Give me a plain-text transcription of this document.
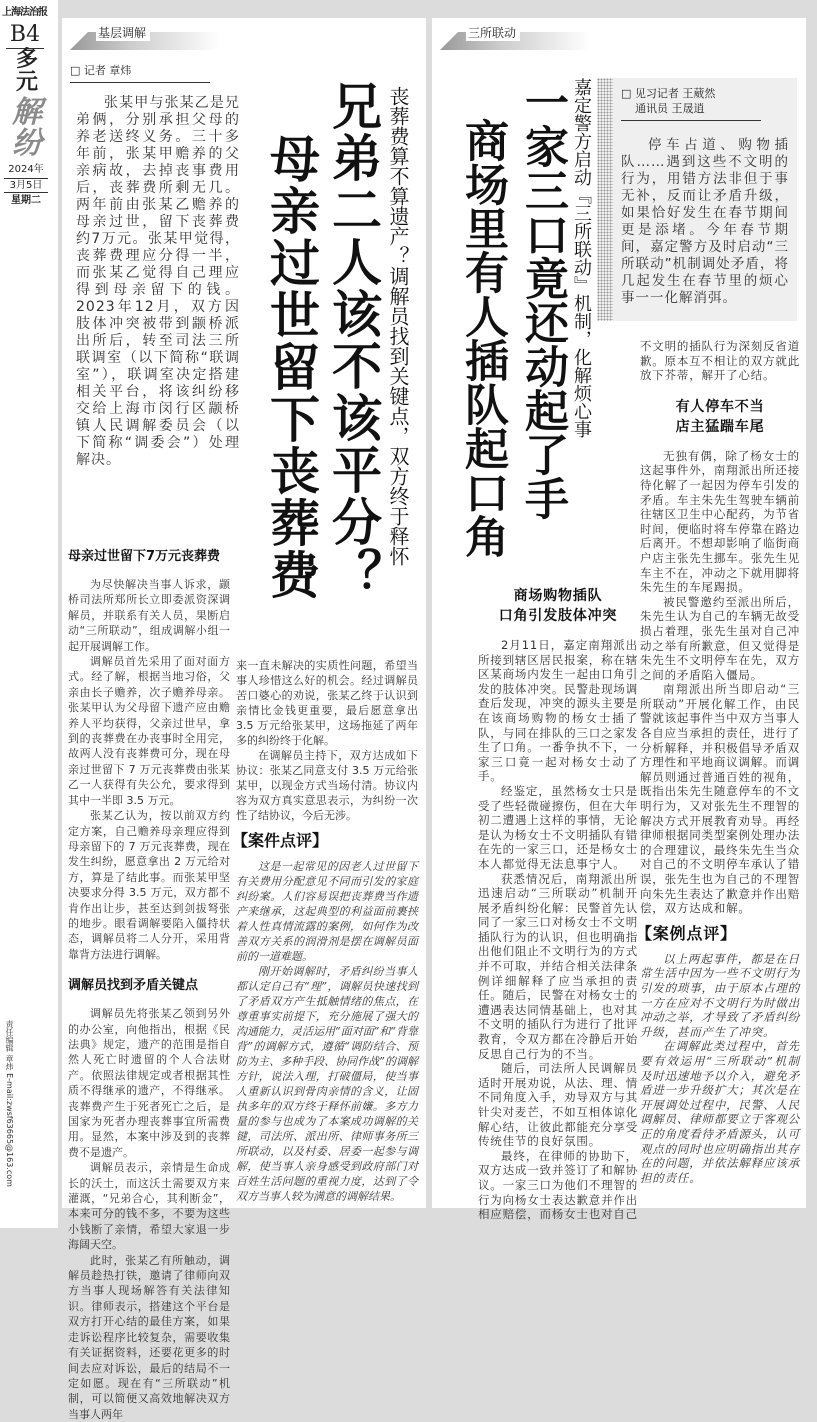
上海法治报
B4
多元
解纷
2024年
3月5日
星期二
责任编辑 章炜 E-mail:zwsf63665@163.com
基层调解
丧葬费算不算遗产？调解员找到关键点，双方终于释怀
兄弟二人该不该平分？
母亲过世留下丧葬费
□ 记者 章炜

张某甲与张某乙是兄弟俩，分别承担父母的养老送终义务。三十多年前，张某甲赡养的父亲病故，去掉丧事费用后，丧葬费所剩无几。两年前由张某乙赡养的母亲过世，留下丧葬费约7万元。张某甲觉得，丧葬费理应分得一半，而张某乙觉得自己理应得到母亲留下的钱。2023年12月，双方因肢体冲突被带到颛桥派出所后，转至司法三所联调室（以下简称“联调室”），联调室决定搭建相关平台，将该纠纷移交给上海市闵行区颛桥镇人民调解委员会（以下简称“调委会”）处理解决。

母亲过世留下7万元丧葬费

为尽快解决当事人诉求，颛桥司法所郑所长立即委派资深调解员，并联系有关人员，果断启动“三所联动”，组成调解小组一起开展调解工作。

调解员首先采用了面对面方式。经了解，根据当地习俗，父亲由长子赡养，次子赡养母亲。张某甲认为父母留下遗产应由赡养人平均获得，父亲过世早，拿到的丧葬费在办丧事时全用完，故两人没有丧葬费可分，现在母亲过世留下 7 万元丧葬费由张某乙一人获得有失公允，要求得到其中一半即 3.5 万元。

张某乙认为，按以前双方约定方案，自己赡养母亲理应得到母亲留下的 7 万元丧葬费，现在发生纠纷，愿意拿出 2 万元给对方，算是了结此事。而张某甲坚决要求分得 3.5 万元，双方都不肯作出让步，甚至达到剑拔弩张的地步。眼看调解要陷入僵持状态，调解员将二人分开，采用背靠背方法进行调解。

调解员找到矛盾关键点

调解员先将张某乙领到另外的办公室，向他指出，根据《民法典》规定，遗产的范围是指自然人死亡时遗留的个人合法财产。依照法律规定或者根据其性质不得继承的遗产，不得继承。丧葬费产生于死者死亡之后，是国家为死者办理丧葬事宜所需费用。显然，本案中涉及到的丧葬费不是遗产。

调解员表示，亲情是生命成长的沃土，而这沃土需要双方来灌溉，“兄弟合心，其利断金”，本来可分的钱不多，不要为这些小钱断了亲情，希望大家退一步海阔天空。

此时，张某乙有所触动，调解员趁热打铁，邀请了律师向双方当事人现场解答有关法律知识。律师表示，搭建这个平台是双方打开心结的最佳方案，如果走诉讼程序比较复杂，需要收集有关证据资料，还要花更多的时间去应对诉讼，最后的结局不一定如愿。现在有“三所联动”机制，可以简便又高效地解决双方当事人两年

来一直未解决的实质性问题，希望当事人珍惜这么好的机会。经过调解员苦口婆心的劝说，张某乙终于认识到亲情比金钱更重要，最后愿意拿出 3.5 万元给张某甲，这场拖延了两年多的纠纷终于化解。

在调解员主持下，双方达成如下协议：张某乙同意支付 3.5 万元给张某甲，以现金方式当场付清。协议内容为双方真实意思表示，为纠纷一次性了结协议，今后无涉。

【案件点评】

这是一起常见的因老人过世留下有关费用分配意见不同而引发的家庭纠纷案。人们容易误把丧葬费当作遗产来继承，这起典型的利益面前裹挟着人性真情流露的案例，如何作为改善双方关系的润滑剂是摆在调解员面前的一道难题。

刚开始调解时，矛盾纠纷当事人都认定自己有“理”，调解员快速找到了矛盾双方产生抵触情绪的焦点，在尊重事实前提下，充分施展了强大的沟通能力，灵活运用“面对面”和“背靠背”的调解方式，遵循“调防结合、预防为主、多种手段、协同作战”的调解方针，说法入理，打破僵局，使当事人重新认识到骨肉亲情的含义，让固执多年的双方终于释怀前嫌。多方力量的参与也成为了本案成功调解的关键，司法所、派出所、律师事务所三所联动，以及村委、居委一起参与调解，使当事人亲身感受到政府部门对百姓生活问题的重视力度，达到了令双方当事人较为满意的调解结果。

三所联动
嘉定警方启动『三所联动』机制，化解烦心事
一家三口竟还动起了手
商场里有人插队起口角
□ 见习记者 王葳然
通讯员 王晟逍

停车占道、购物插队……遇到这些不文明的行为，用错方法非但于事无补，反而让矛盾升级，如果恰好发生在春节期间更是添堵。今年春节期间，嘉定警方及时启动“三所联动”机制调处矛盾，将几起发生在春节里的烦心事一一化解消弭。

不文明的插队行为深刻反省道歉。原本互不相让的双方就此放下芥蒂，解开了心结。

有人停车不当
店主猛踹车尾

无独有偶，除了杨女士的这起事件外，南翔派出所还接待化解了一起因为停车引发的矛盾。车主朱先生驾驶车辆前往辖区卫生中心配药，为节省时间，便临时将车停靠在路边后离开。不想却影响了临街商户店主张先生挪车。张先生见车主不在，冲动之下就用脚将朱先生的车尾踢损。

被民警邀约至派出所后，朱先生认为自己的车辆无故受损占着理，张先生虽对自己冲动之举有所歉意，但又觉得是朱先生不文明停车在先，双方之间的矛盾陷入僵局。

南翔派出所当即启动“三所联动”开展化解工作，由民警就该起事件当中双方当事人各自应当承担的责任，进行了分析解释，并积极倡导矛盾双方理性和平地商议调解。而调解员则通过普通百姓的视角，既指出朱先生随意停车的不文明行为，又对张先生不理智的解决方式开展教育劝导。再经律师根据同类型案例处理办法的合理建议，最终朱先生当众对自己的不文明停车承认了错误，张先生也为自己的不理智向朱先生表达了歉意并作出赔偿，双方达成和解。

【案例点评】

以上两起事件，都是在日常生活中因为一些不文明行为引发的琐事，由于原本占理的一方在应对不文明行为时做出冲动之举，才导致了矛盾纠纷升级，甚而产生了冲突。

在调解此类过程中，首先要有效运用“三所联动”机制及时迅速地予以介入，避免矛盾进一步升级扩大；其次是在开展调处过程中，民警、人民调解员、律师都要立于客观公正的角度看待矛盾源头，认可观点的同时也应明确指出其存在的问题，并依法解释应该承担的责任。

商场购物插队
口角引发肢体冲突

2月11日，嘉定南翔派出所接到辖区居民报案，称在辖区某商场内发生一起由口角引发的肢体冲突。民警赴现场调查后发现，冲突的源头主要是在该商场购物的杨女士插了队，与同在排队的三口之家发生了口角。一番争执不下，一家三口竟一起对杨女士动了手。

经鉴定，虽然杨女士只是受了些轻微碰擦伤，但在大年初二遭遇上这样的事情，无论是认为杨女士不文明插队有错在先的一家三口，还是杨女士本人都觉得无法息事宁人。

获悉情况后，南翔派出所迅速启动“三所联动”机制开展矛盾纠纷化解：民警首先认同了一家三口对杨女士不文明插队行为的认识，但也明确指出他们阻止不文明行为的方式并不可取，并结合相关法律条例详细解释了应当承担的责任。随后，民警在对杨女士的遭遇表达同情基础上，也对其不文明的插队行为进行了批评教育，令双方都在冷静后开始反思自己行为的不当。

随后，司法所人民调解员适时开展劝说，从法、理、情不同角度入手，劝导双方与其针尖对麦芒，不如互相体谅化解心结，让彼此都能充分享受传统佳节的良好氛围。

最终，在律师的协助下，双方达成一致并签订了和解协议。一家三口为他们不理智的行为向杨女士表达歉意并作出相应赔偿，而杨女士也对自己
